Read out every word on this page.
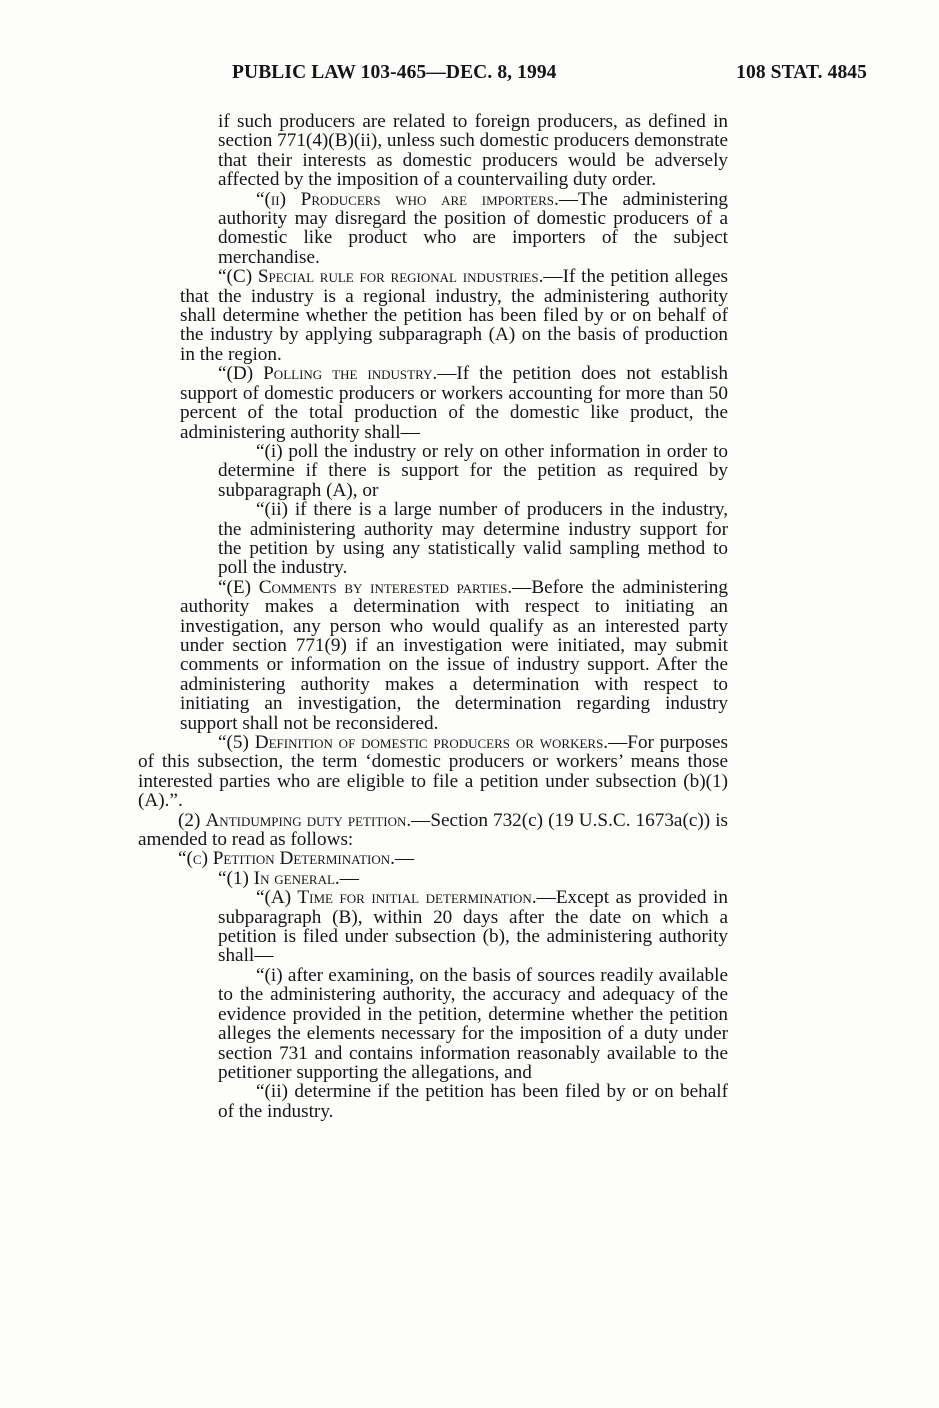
PUBLIC LAW 103-465—DEC. 8, 1994	108 STAT. 4845

if such producers are related to foreign producers, as defined in section 771(4)(B)(ii), unless such domestic producers demonstrate that their interests as domestic producers would be adversely affected by the imposition of a countervailing duty order.

“(ii) Producers who are importers.—The administering authority may disregard the position of domestic producers of a domestic like product who are importers of the subject merchandise.

“(C) Special rule for regional industries.—If the petition alleges that the industry is a regional industry, the administering authority shall determine whether the petition has been filed by or on behalf of the industry by applying subparagraph (A) on the basis of production in the region.

“(D) Polling the industry.—If the petition does not establish support of domestic producers or workers accounting for more than 50 percent of the total production of the domestic like product, the administering authority shall—

“(i) poll the industry or rely on other information in order to determine if there is support for the petition as required by subparagraph (A), or

“(ii) if there is a large number of producers in the industry, the administering authority may determine industry support for the petition by using any statistically valid sampling method to poll the industry.

“(E) Comments by interested parties.—Before the administering authority makes a determination with respect to initiating an investigation, any person who would qualify as an interested party under section 771(9) if an investigation were initiated, may submit comments or information on the issue of industry support. After the administering authority makes a determination with respect to initiating an investigation, the determination regarding industry support shall not be reconsidered.

“(5) Definition of domestic producers or workers.—For purposes of this subsection, the term ‘domestic producers or workers’ means those interested parties who are eligible to file a petition under subsection (b)(1)(A).”.

(2) Antidumping duty petition.—Section 732(c) (19 U.S.C. 1673a(c)) is amended to read as follows:

“(c) Petition Determination.—

“(1) In general.—

“(A) Time for initial determination.—Except as provided in subparagraph (B), within 20 days after the date on which a petition is filed under subsection (b), the administering authority shall—

“(i) after examining, on the basis of sources readily available to the administering authority, the accuracy and adequacy of the evidence provided in the petition, determine whether the petition alleges the elements necessary for the imposition of a duty under section 731 and contains information reasonably available to the petitioner supporting the allegations, and

“(ii) determine if the petition has been filed by or on behalf of the industry.
